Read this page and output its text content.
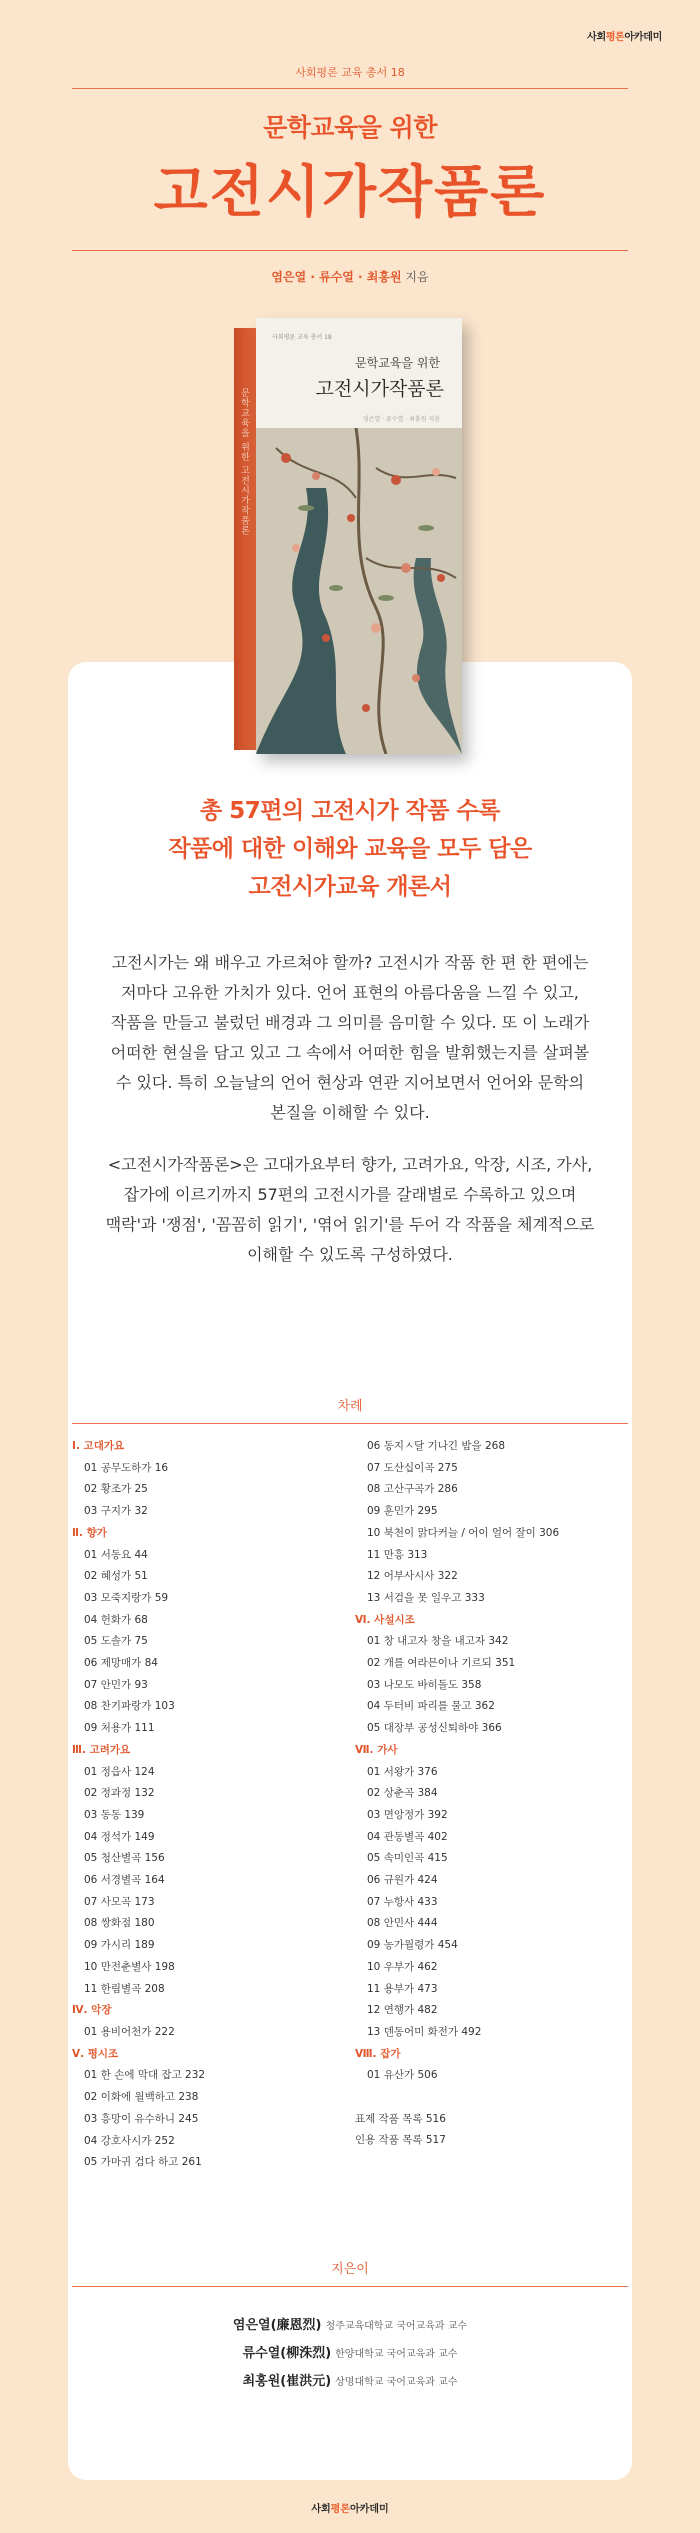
사회평론아카데미
사회평론 교육 총서 18
문학교육을 위한
고전시가작품론
염은열 · 류수열 · 최홍원 지음
문학교육을 위한 고전시가작품론
사회평론 교육 총서 18
문학교육을 위한
고전시가작품론
염은열 · 류수열 · 최홍원 지음
총 57편의 고전시가 작품 수록
작품에 대한 이해와 교육을 모두 담은
고전시가교육 개론서
고전시가는 왜 배우고 가르쳐야 할까? 고전시가 작품 한 편 한 편에는
저마다 고유한 가치가 있다. 언어 표현의 아름다움을 느낄 수 있고,
작품을 만들고 불렀던 배경과 그 의미를 음미할 수 있다. 또 이 노래가
어떠한 현실을 담고 있고 그 속에서 어떠한 힘을 발휘했는지를 살펴볼
수 있다. 특히 오늘날의 언어 현상과 연관 지어보면서 언어와 문학의
본질을 이해할 수 있다.
<고전시가작품론>은 고대가요부터 향가, 고려가요, 악장, 시조, 가사,
잡가에 이르기까지 57편의 고전시가를 갈래별로 수록하고 있으며
맥락'과 '쟁점', '꼼꼼히 읽기', '엮어 읽기'를 두어 각 작품을 체계적으로
이해할 수 있도록 구성하였다.
차례
Ⅰ. 고대가요
01 공무도하가 16
02 황조가 25
03 구지가 32
Ⅱ. 향가
01 서동요 44
02 혜성가 51
03 모죽지랑가 59
04 헌화가 68
05 도솔가 75
06 제망매가 84
07 안민가 93
08 찬기파랑가 103
09 처용가 111
Ⅲ. 고려가요
01 정읍사 124
02 정과정 132
03 동동 139
04 정석가 149
05 청산별곡 156
06 서경별곡 164
07 사모곡 173
08 쌍화점 180
09 가시리 189
10 만전춘별사 198
11 한림별곡 208
Ⅳ. 악장
01 용비어천가 222
Ⅴ. 평시조
01 한 손에 막대 잡고 232
02 이화에 월백하고 238
03 흥망이 유수하니 245
04 강호사시가 252
05 가마귀 검다 하고 261
06 동지ㅅ달 기나긴 밤을 268
07 도산십이곡 275
08 고산구곡가 286
09 훈민가 295
10 북천이 맑다커늘 / 어이 얼어 잘이 306
11 만흥 313
12 어부사시사 322
13 서검을 못 일우고 333
Ⅵ. 사설시조
01 창 내고자 창을 내고자 342
02 개를 여라믄이나 기르되 351
03 나모도 바히돌도 358
04 두터비 파리를 물고 362
05 대장부 공성신퇴하야 366
Ⅶ. 가사
01 서왕가 376
02 상춘곡 384
03 면앙정가 392
04 관동별곡 402
05 속미인곡 415
06 규원가 424
07 누항사 433
08 안민사 444
09 농가월령가 454
10 우부가 462
11 용부가 473
12 연행가 482
13 덴동어미 화전가 492
Ⅷ. 잡가
01 유산가 506
표제 작품 목록 516
인용 작품 목록 517
지은이
염은열(廉恩烈) 청주교육대학교 국어교육과 교수
류수열(柳洙烈) 한양대학교 국어교육과 교수
최홍원(崔洪元) 상명대학교 국어교육과 교수
사회평론아카데미
